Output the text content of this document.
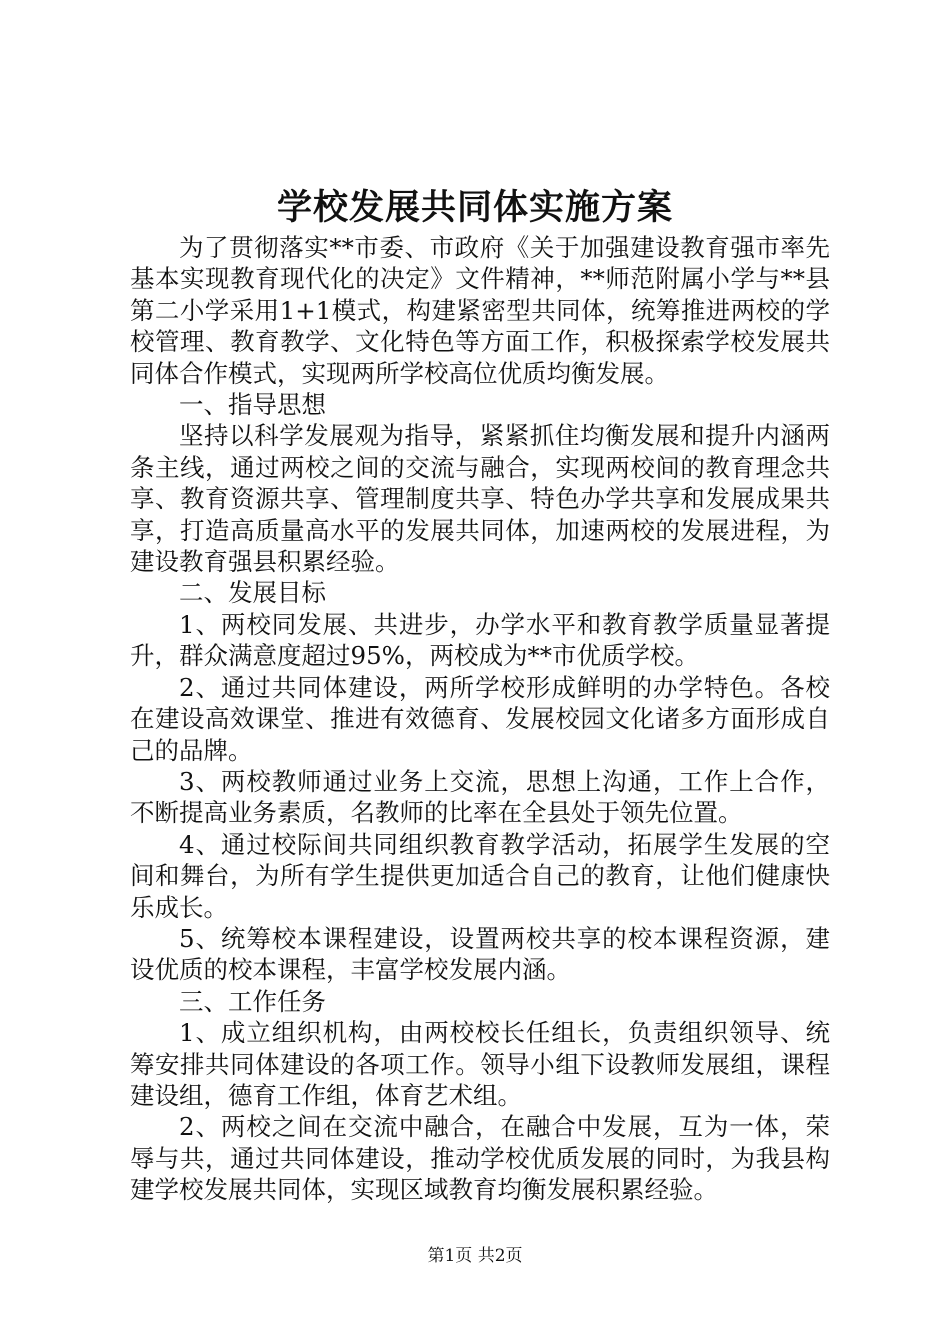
学校发展共同体实施方案

为了贯彻落实**市委、市政府《关于加强建设教育强市率先基本实现教育现代化的决定》文件精神，**师范附属小学与**县第二小学采用1+1模式，构建紧密型共同体，统筹推进两校的学校管理、教育教学、文化特色等方面工作，积极探索学校发展共同体合作模式，实现两所学校高位优质均衡发展。

一、指导思想

坚持以科学发展观为指导，紧紧抓住均衡发展和提升内涵两条主线，通过两校之间的交流与融合，实现两校间的教育理念共享、教育资源共享、管理制度共享、特色办学共享和发展成果共享，打造高质量高水平的发展共同体，加速两校的发展进程，为建设教育强县积累经验。

二、发展目标

1、两校同发展、共进步，办学水平和教育教学质量显著提升，群众满意度超过95%，两校成为**市优质学校。

2、通过共同体建设，两所学校形成鲜明的办学特色。各校在建设高效课堂、推进有效德育、发展校园文化诸多方面形成自己的品牌。

3、两校教师通过业务上交流，思想上沟通，工作上合作，不断提高业务素质，名教师的比率在全县处于领先位置。

4、通过校际间共同组织教育教学活动，拓展学生发展的空间和舞台，为所有学生提供更加适合自己的教育，让他们健康快乐成长。

5、统筹校本课程建设，设置两校共享的校本课程资源，建设优质的校本课程，丰富学校发展内涵。

三、工作任务

1、成立组织机构，由两校校长任组长，负责组织领导、统筹安排共同体建设的各项工作。领导小组下设教师发展组，课程建设组，德育工作组，体育艺术组。

2、两校之间在交流中融合，在融合中发展，互为一体，荣辱与共，通过共同体建设，推动学校优质发展的同时，为我县构建学校发展共同体，实现区域教育均衡发展积累经验。

第1页 共2页
